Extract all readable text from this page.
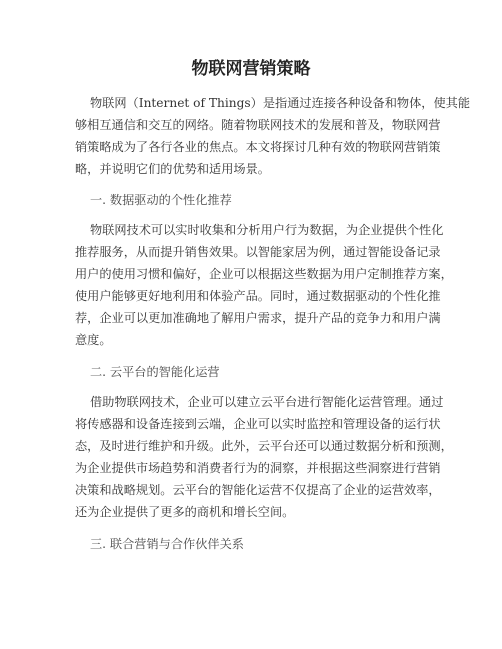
物联网营销策略

物联网（Internet of Things）是指通过连接各种设备和物体，使其能

够相互通信和交互的网络。随着物联网技术的发展和普及，物联网营

销策略成为了各行各业的焦点。本文将探讨几种有效的物联网营销策

略，并说明它们的优势和适用场景。

一. 数据驱动的个性化推荐

物联网技术可以实时收集和分析用户行为数据，为企业提供个性化

推荐服务，从而提升销售效果。以智能家居为例，通过智能设备记录

用户的使用习惯和偏好，企业可以根据这些数据为用户定制推荐方案，

使用户能够更好地利用和体验产品。同时，通过数据驱动的个性化推

荐，企业可以更加准确地了解用户需求，提升产品的竞争力和用户满

意度。

二. 云平台的智能化运营

借助物联网技术，企业可以建立云平台进行智能化运营管理。通过

将传感器和设备连接到云端，企业可以实时监控和管理设备的运行状

态，及时进行维护和升级。此外，云平台还可以通过数据分析和预测，

为企业提供市场趋势和消费者行为的洞察，并根据这些洞察进行营销

决策和战略规划。云平台的智能化运营不仅提高了企业的运营效率，

还为企业提供了更多的商机和增长空间。

三. 联合营销与合作伙伴关系
